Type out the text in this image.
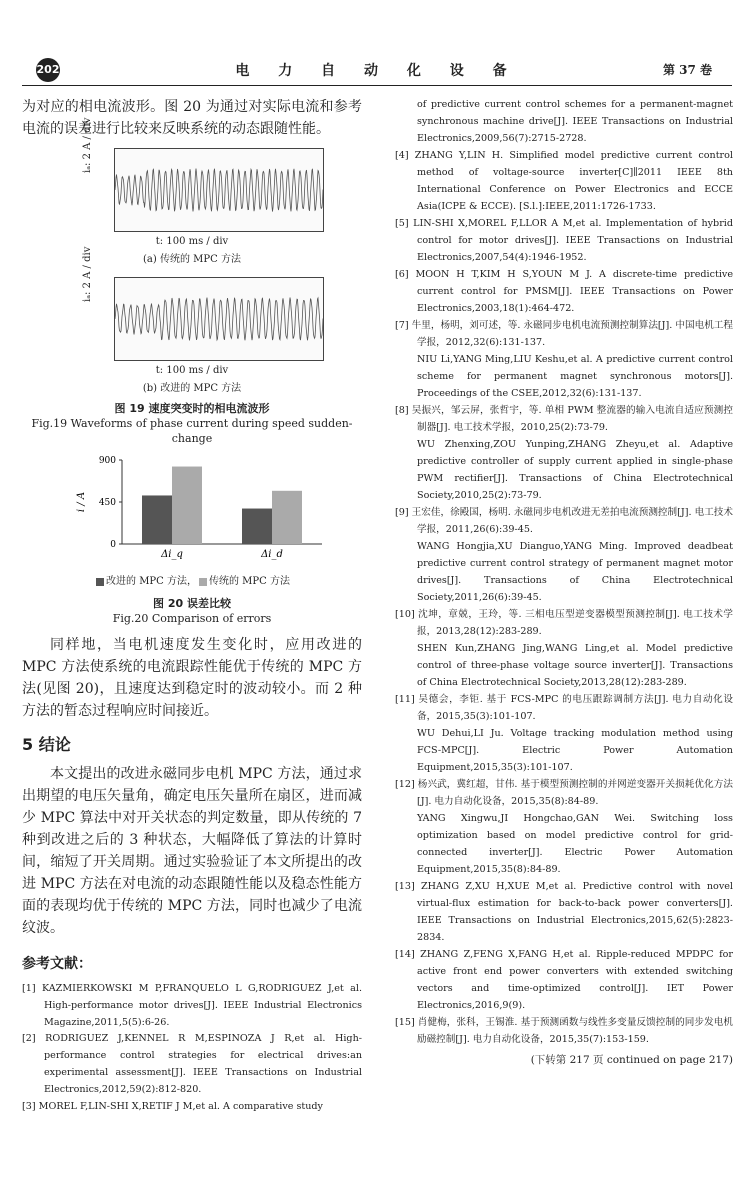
202	电 力 自 动 化 设 备	第 37 卷

为对应的相电流波形。图 20 为通过对实际电流和参考电流的误差进行比较来反映系统的动态跟随性能。

iₐ: 2 A / div
t: 100 ms / div
(a) 传统的 MPC 方法
iₐ: 2 A / div
t: 100 ms / div
(b) 改进的 MPC 方法
图 19 速度突变时的相电流波形
Fig.19 Waveforms of phase current during speed sudden-change
0
450
900
i / A
Δi_q	Δi_d
改进的 MPC 方法， 传统的 MPC 方法
图 20 误差比较
Fig.20 Comparison of errors

同样地，当电机速度发生变化时，应用改进的 MPC 方法使系统的电流跟踪性能优于传统的 MPC 方法(见图 20)，且速度达到稳定时的波动较小。而 2 种方法的暂态过程响应时间接近。

5 结论

本文提出的改进永磁同步电机 MPC 方法，通过求出期望的电压矢量角，确定电压矢量所在扇区，进而减少 MPC 算法中对开关状态的判定数量，即从传统的 7 种到改进之后的 3 种状态，大幅降低了算法的计算时间，缩短了开关周期。通过实验验证了本文所提出的改进 MPC 方法在对电流的动态跟随性能以及稳态性能方面的表现均优于传统的 MPC 方法，同时也减少了电流纹波。

参考文献：

[1] KAZMIERKOWSKI M P,FRANQUELO L G,RODRIGUEZ J,et al. High-performance motor drives[J]. IEEE Industrial Electronics Magazine,2011,5(5):6-26.

[2] RODRIGUEZ J,KENNEL R M,ESPINOZA J R,et al. High-performance control strategies for electrical drives:an experimental assessment[J]. IEEE Transactions on Industrial Electronics,2012,59(2):812-820.

[3] MOREL F,LIN-SHI X,RETIF J M,et al. A comparative study

of predictive current control schemes for a permanent-magnet synchronous machine drive[J]. IEEE Transactions on Industrial Electronics,2009,56(7):2715-2728.

[4] ZHANG Y,LIN H. Simplified model predictive current control method of voltage-source inverter[C]∥2011 IEEE 8th International Conference on Power Electronics and ECCE Asia(ICPE & ECCE). [S.l.]:IEEE,2011:1726-1733.

[5] LIN-SHI X,MOREL F,LLOR A M,et al. Implementation of hybrid control for motor drives[J]. IEEE Transactions on Industrial Electronics,2007,54(4):1946-1952.

[6] MOON H T,KIM H S,YOUN M J. A discrete-time predictive current control for PMSM[J]. IEEE Transactions on Power Electronics,2003,18(1):464-472.

[7] 牛里，杨明，刘可述，等. 永磁同步电机电流预测控制算法[J]. 中国电机工程学报，2012,32(6):131-137.

NIU Li,YANG Ming,LIU Keshu,et al. A predictive current control scheme for permanent magnet synchronous motors[J]. Proceedings of the CSEE,2012,32(6):131-137.

[8] 吴振兴，邹云屏，张哲宇，等. 单相 PWM 整流器的输入电流自适应预测控制器[J]. 电工技术学报，2010,25(2):73-79.

WU Zhenxing,ZOU Yunping,ZHANG Zheyu,et al. Adaptive predictive controller of supply current applied in single-phase PWM rectifier[J]. Transactions of China Electrotechnical Society,2010,25(2):73-79.

[9] 王宏佳，徐殿国，杨明. 永磁同步电机改进无差拍电流预测控制[J]. 电工技术学报，2011,26(6):39-45.

WANG Hongjia,XU Dianguo,YANG Ming. Improved deadbeat predictive current control strategy of permanent magnet motor drives[J]. Transactions of China Electrotechnical Society,2011,26(6):39-45.

[10] 沈坤，章兢，王玲，等. 三相电压型逆变器模型预测控制[J]. 电工技术学报，2013,28(12):283-289.

SHEN Kun,ZHANG Jing,WANG Ling,et al. Model predictive control of three-phase voltage source inverter[J]. Transactions of China Electrotechnical Society,2013,28(12):283-289.

[11] 吴德会，李钜. 基于 FCS-MPC 的电压跟踪调制方法[J]. 电力自动化设备，2015,35(3):101-107.

WU Dehui,LI Ju. Voltage tracking modulation method using FCS-MPC[J]. Electric Power Automation Equipment,2015,35(3):101-107.

[12] 杨兴武，冀红超，甘伟. 基于模型预测控制的并网逆变器开关损耗优化方法[J]. 电力自动化设备，2015,35(8):84-89.

YANG Xingwu,JI Hongchao,GAN Wei. Switching loss optimization based on model predictive control for grid-connected inverter[J]. Electric Power Automation Equipment,2015,35(8):84-89.

[13] ZHANG Z,XU H,XUE M,et al. Predictive control with novel virtual-flux estimation for back-to-back power converters[J]. IEEE Transactions on Industrial Electronics,2015,62(5):2823-2834.

[14] ZHANG Z,FENG X,FANG H,et al. Ripple-reduced MPDPC for active front end power converters with extended switching vectors and time-optimized control[J]. IET Power Electronics,2016,9(9).

[15] 肖健梅，张科，王锡淮. 基于预测函数与线性多变量反馈控制的同步发电机励磁控制[J]. 电力自动化设备，2015,35(7):153-159.

(下转第 217 页 continued on page 217)
